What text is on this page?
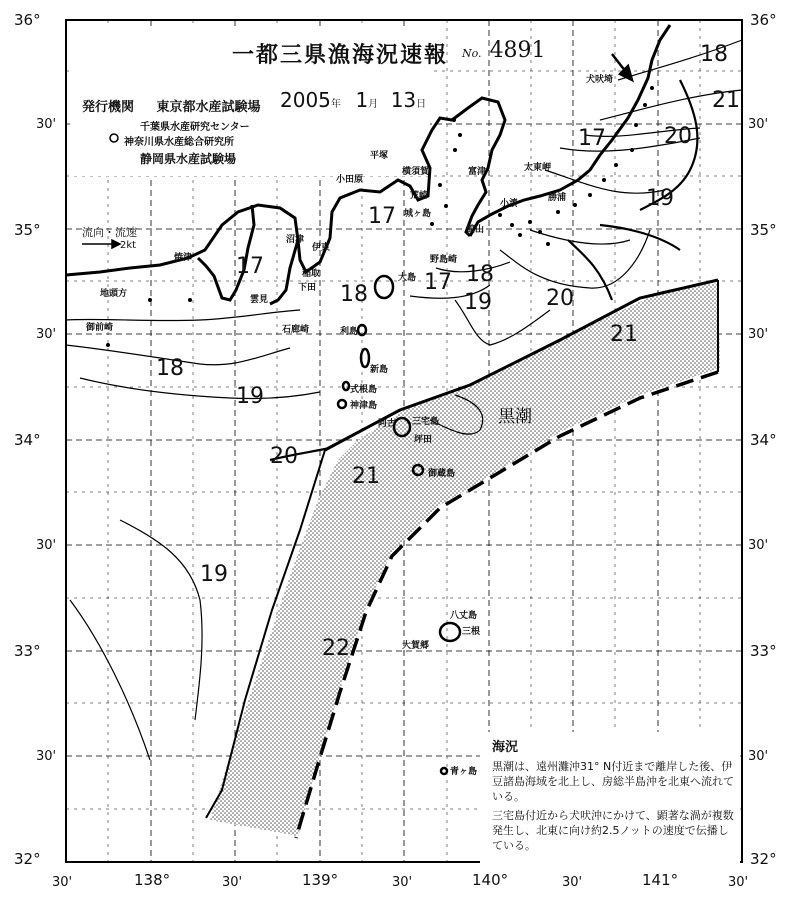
一都三県漁海況速報 No. 4891
発行機関 東京都水産試験場 2005年 1月 13日
千葉県水産研究センター
神奈川県水産総合研究所
静岡県水産試験場
流向・流速
2kt
36°
30'
35°
30'
34°
30'
33°
30'
32°
36°
30'
35°
30'
34°
30'
33°
30'
32°
30'	138°	30'	139°	30'	140°	30'	141°	30'
平塚
横須賀
小田原
富津	太東岬
勝浦
小湊
荒崎
城ヶ島
館山
野島崎
犬吠埼
焼津
沼津
伊東
稲取
下田
雲見
石廊崎
御前崎
地頭方
大島
利島
新島
式根島
神津島
三宅島
御蔵島
八丈島
三根
大賀郷
青ヶ島
阿古
坪田
18
21
17	20
19
17
18	17 18
19 20
21
17
18
19
20
21
19
22
黒潮
海況

黒潮は、遠州灘沖31° N付近まで離岸した後、伊豆諸島海域を北上し、房総半島沖を北東へ流れている。

三宅島付近から犬吠沖にかけて、顕著な渦が複数発生し、北東に向け約2.5ノットの速度で伝播している。
